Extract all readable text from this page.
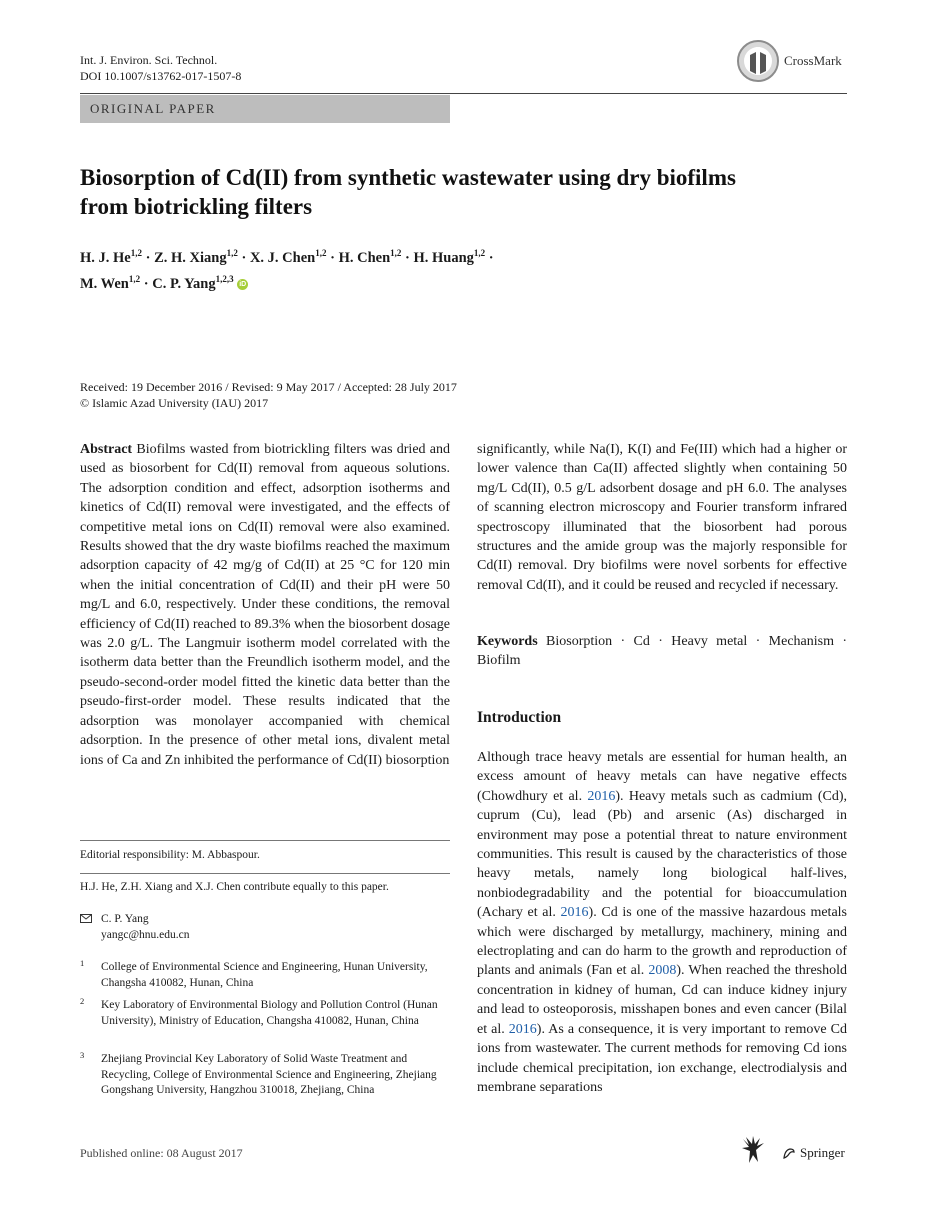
Int. J. Environ. Sci. Technol.
DOI 10.1007/s13762-017-1507-8
CrossMark
ORIGINAL PAPER
Biosorption of Cd(II) from synthetic wastewater using dry biofilms from biotrickling filters
H. J. He$^{1,2}$ · Z. H. Xiang$^{1,2}$ · X. J. Chen$^{1,2}$ · H. Chen$^{1,2}$ · H. Huang$^{1,2}$ ·
M. Wen$^{1,2}$ · C. P. Yang$^{1,2,3}$ iD
Received: 19 December 2016 / Revised: 9 May 2017 / Accepted: 28 July 2017
© Islamic Azad University (IAU) 2017
Abstract Biofilms wasted from biotrickling filters was dried and used as biosorbent for Cd(II) removal from aqueous solutions. The adsorption condition and effect, adsorption isotherms and kinetics of Cd(II) removal were investigated, and the effects of competitive metal ions on Cd(II) removal were also examined. Results showed that the dry waste biofilms reached the maximum adsorption capacity of 42 mg/g of Cd(II) at 25 °C for 120 min when the initial concentration of Cd(II) and their pH were 50 mg/L and 6.0, respectively. Under these conditions, the removal efficiency of Cd(II) reached to 89.3% when the biosorbent dosage was 2.0 g/L. The Langmuir isotherm model correlated with the isotherm data better than the Freundlich isotherm model, and the pseudo-second-order model fitted the kinetic data better than the pseudo-first-order model. These results indicated that the adsorption was monolayer accompanied with chemical adsorption. In the presence of other metal ions, divalent metal ions of Ca and Zn inhibited the performance of Cd(II) biosorption
significantly, while Na(I), K(I) and Fe(III) which had a higher or lower valence than Ca(II) affected slightly when containing 50 mg/L Cd(II), 0.5 g/L adsorbent dosage and pH 6.0. The analyses of scanning electron microscopy and Fourier transform infrared spectroscopy illuminated that the biosorbent had porous structures and the amide group was the majorly responsible for Cd(II) removal. Dry biofilms were novel sorbents for effective removal Cd(II), and it could be reused and recycled if necessary.
Keywords Biosorption · Cd · Heavy metal · Mechanism · Biofilm
Introduction
Although trace heavy metals are essential for human health, an excess amount of heavy metals can have negative effects (Chowdhury et al. 2016). Heavy metals such as cadmium (Cd), cuprum (Cu), lead (Pb) and arsenic (As) discharged in environment may pose a potential threat to nature environment communities. This result is caused by the characteristics of those heavy metals, namely long biological half-lives, nonbiodegradability and the potential for bioaccumulation (Achary et al. 2016). Cd is one of the massive hazardous metals which were discharged by metallurgy, machinery, mining and electroplating and can do harm to the growth and reproduction of plants and animals (Fan et al. 2008). When reached the threshold concentration in kidney of human, Cd can induce kidney injury and lead to osteoporosis, misshapen bones and even cancer (Bilal et al. 2016). As a consequence, it is very important to remove Cd ions from wastewater. The current methods for removing Cd ions include chemical precipitation, ion exchange, electrodialysis and membrane separations
Editorial responsibility: M. Abbaspour.
H.J. He, Z.H. Xiang and X.J. Chen contribute equally to this paper.
C. P. Yang
yangc@hnu.edu.cn
1 College of Environmental Science and Engineering, Hunan University, Changsha 410082, Hunan, China
2 Key Laboratory of Environmental Biology and Pollution Control (Hunan University), Ministry of Education, Changsha 410082, Hunan, China
3 Zhejiang Provincial Key Laboratory of Solid Waste Treatment and Recycling, College of Environmental Science and Engineering, Zhejiang Gongshang University, Hangzhou 310018, Zhejiang, China
Published online: 08 August 2017	Springer
